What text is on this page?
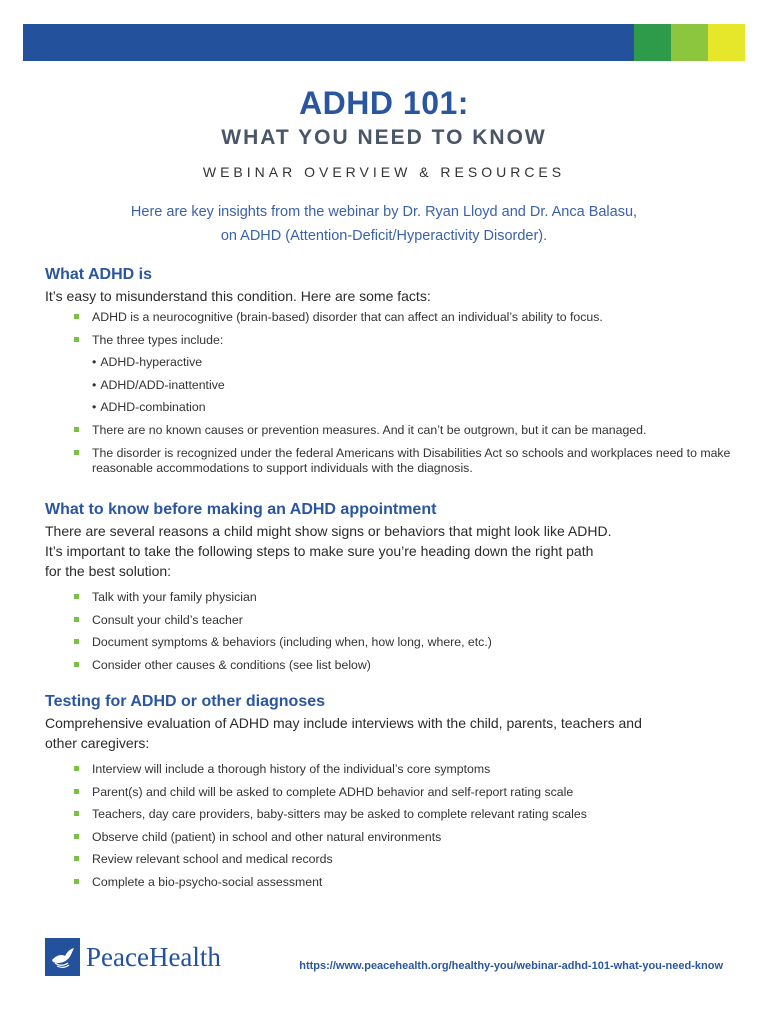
ADHD 101:
WHAT YOU NEED TO KNOW
WEBINAR OVERVIEW & RESOURCES
Here are key insights from the webinar by Dr. Ryan Lloyd and Dr. Anca Balasu,
on ADHD (Attention-Deficit/Hyperactivity Disorder).
What ADHD is
It’s easy to misunderstand this condition. Here are some facts:
ADHD is a neurocognitive (brain-based) disorder that can affect an individual’s ability to focus.
The three types include:
• ADHD-hyperactive
• ADHD/ADD-inattentive
• ADHD-combination
There are no known causes or prevention measures. And it can’t be outgrown, but it can be managed.
The disorder is recognized under the federal Americans with Disabilities Act so schools and workplaces need to make reasonable accommodations to support individuals with the diagnosis.
What to know before making an ADHD appointment
There are several reasons a child might show signs or behaviors that might look like ADHD.
It’s important to take the following steps to make sure you’re heading down the right path
for the best solution:
Talk with your family physician
Consult your child’s teacher
Document symptoms & behaviors (including when, how long, where, etc.)
Consider other causes & conditions (see list below)
Testing for ADHD or other diagnoses
Comprehensive evaluation of ADHD may include interviews with the child, parents, teachers and
other caregivers:
Interview will include a thorough history of the individual’s core symptoms
Parent(s) and child will be asked to complete ADHD behavior and self-report rating scale
Teachers, day care providers, baby-sitters may be asked to complete relevant rating scales
Observe child (patient) in school and other natural environments
Review relevant school and medical records
Complete a bio-psycho-social assessment
PeaceHealth	https://www.peacehealth.org/healthy-you/webinar-adhd-101-what-you-need-know
